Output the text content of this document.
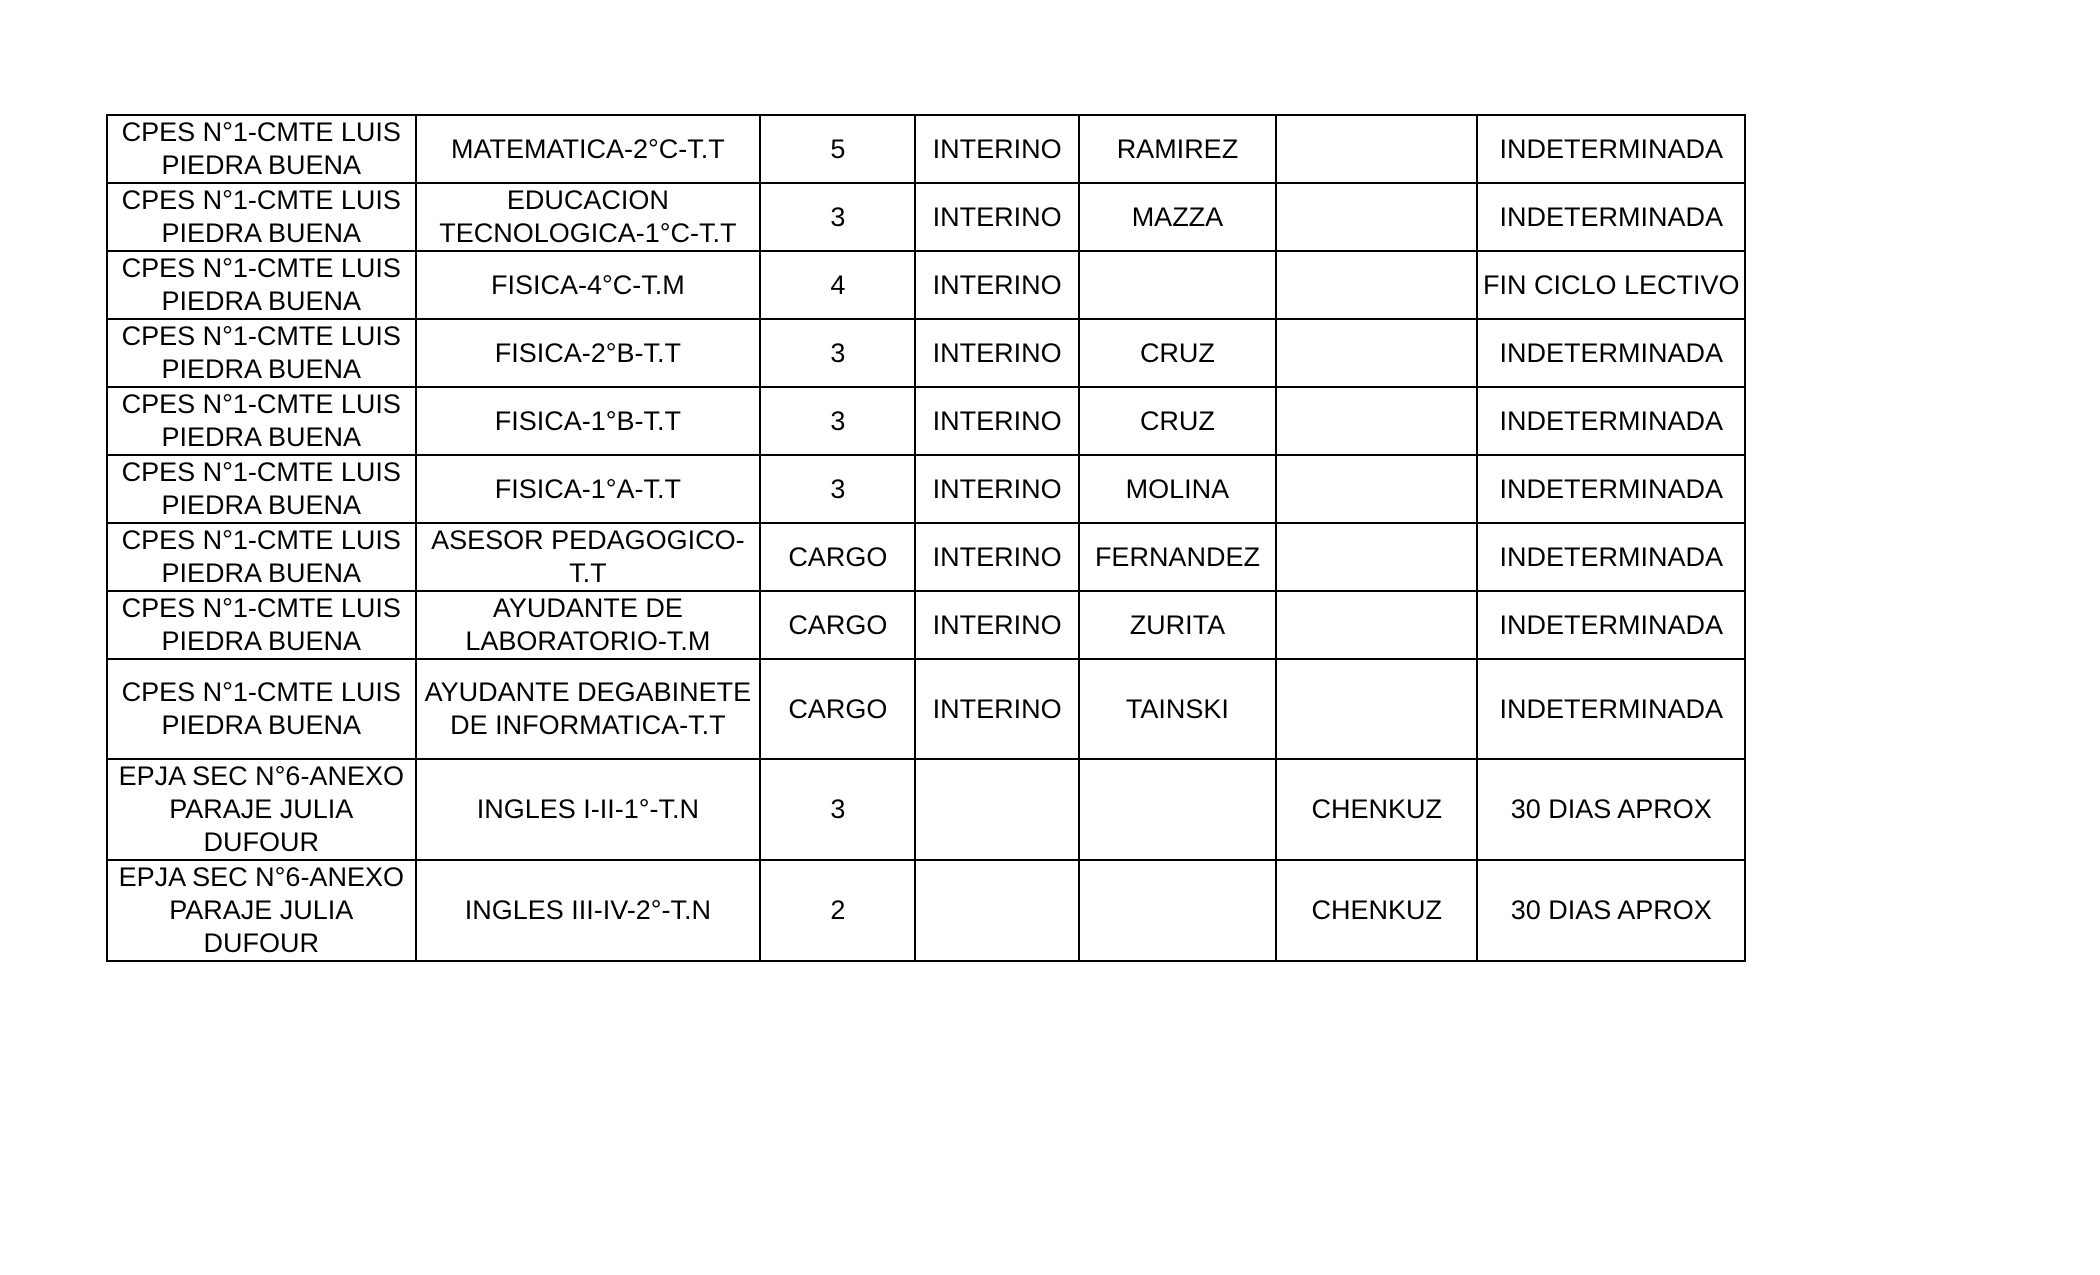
CPES N°1-CMTE LUIS PIEDRA BUENA	MATEMATICA-2°C-T.T	5	INTERINO	RAMIREZ		INDETERMINADA
CPES N°1-CMTE LUIS PIEDRA BUENA	EDUCACION TECNOLOGICA-1°C-T.T	3	INTERINO	MAZZA		INDETERMINADA
CPES N°1-CMTE LUIS PIEDRA BUENA	FISICA-4°C-T.M	4	INTERINO			FIN CICLO LECTIVO
CPES N°1-CMTE LUIS PIEDRA BUENA	FISICA-2°B-T.T	3	INTERINO	CRUZ		INDETERMINADA
CPES N°1-CMTE LUIS PIEDRA BUENA	FISICA-1°B-T.T	3	INTERINO	CRUZ		INDETERMINADA
CPES N°1-CMTE LUIS PIEDRA BUENA	FISICA-1°A-T.T	3	INTERINO	MOLINA		INDETERMINADA
CPES N°1-CMTE LUIS PIEDRA BUENA	ASESOR PEDAGOGICO-T.T	CARGO	INTERINO	FERNANDEZ		INDETERMINADA
CPES N°1-CMTE LUIS PIEDRA BUENA	AYUDANTE DE LABORATORIO-T.M	CARGO	INTERINO	ZURITA		INDETERMINADA
CPES N°1-CMTE LUIS PIEDRA BUENA	AYUDANTE DEGABINETE DE INFORMATICA-T.T	CARGO	INTERINO	TAINSKI		INDETERMINADA
EPJA SEC N°6-ANEXO PARAJE JULIA DUFOUR	INGLES I-II-1°-T.N	3			CHENKUZ	30 DIAS APROX
EPJA SEC N°6-ANEXO PARAJE JULIA DUFOUR	INGLES III-IV-2°-T.N	2			CHENKUZ	30 DIAS APROX
